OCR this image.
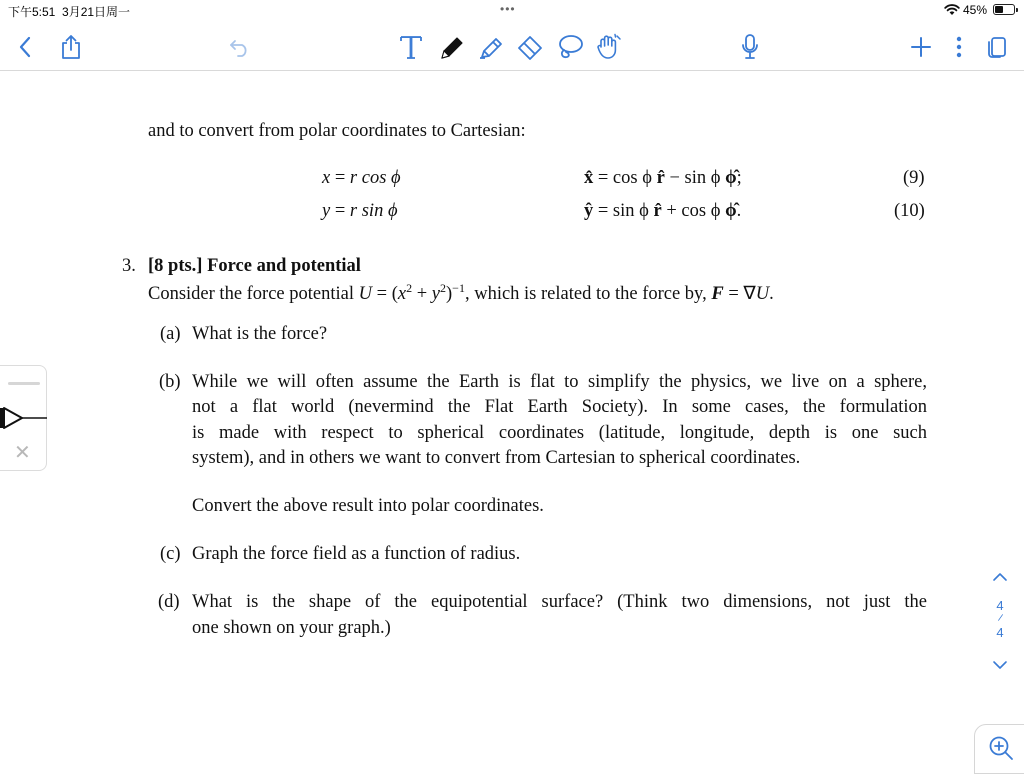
下午5:51 3月21日周一	•••	45%
and to convert from polar coordinates to Cartesian:
x = r cos ϕ	x̂ = cos ϕ r̂ − sin ϕ ϕ̂;	(9)
y = r sin ϕ	ŷ = sin ϕ r̂ + cos ϕ ϕ̂.	(10)
3. [8 pts.] Force and potential
Consider the force potential $U = (x^2 + y^2)^{-1}$, which is related to the force by, F = ∇U.
(a) What is the force?
(b) While we will often assume the Earth is flat to simplify the physics, we live on a sphere,
not a flat world (nevermind the Flat Earth Society). In some cases, the formulation
is made with respect to spherical coordinates (latitude, longitude, depth is one such
system), and in others we want to convert from Cartesian to spherical coordinates.
Convert the above result into polar coordinates.
(c) Graph the force field as a function of radius.
(d) What is the shape of the equipotential surface? (Think two dimensions, not just the
one shown on your graph.)
✕
4
/
4
